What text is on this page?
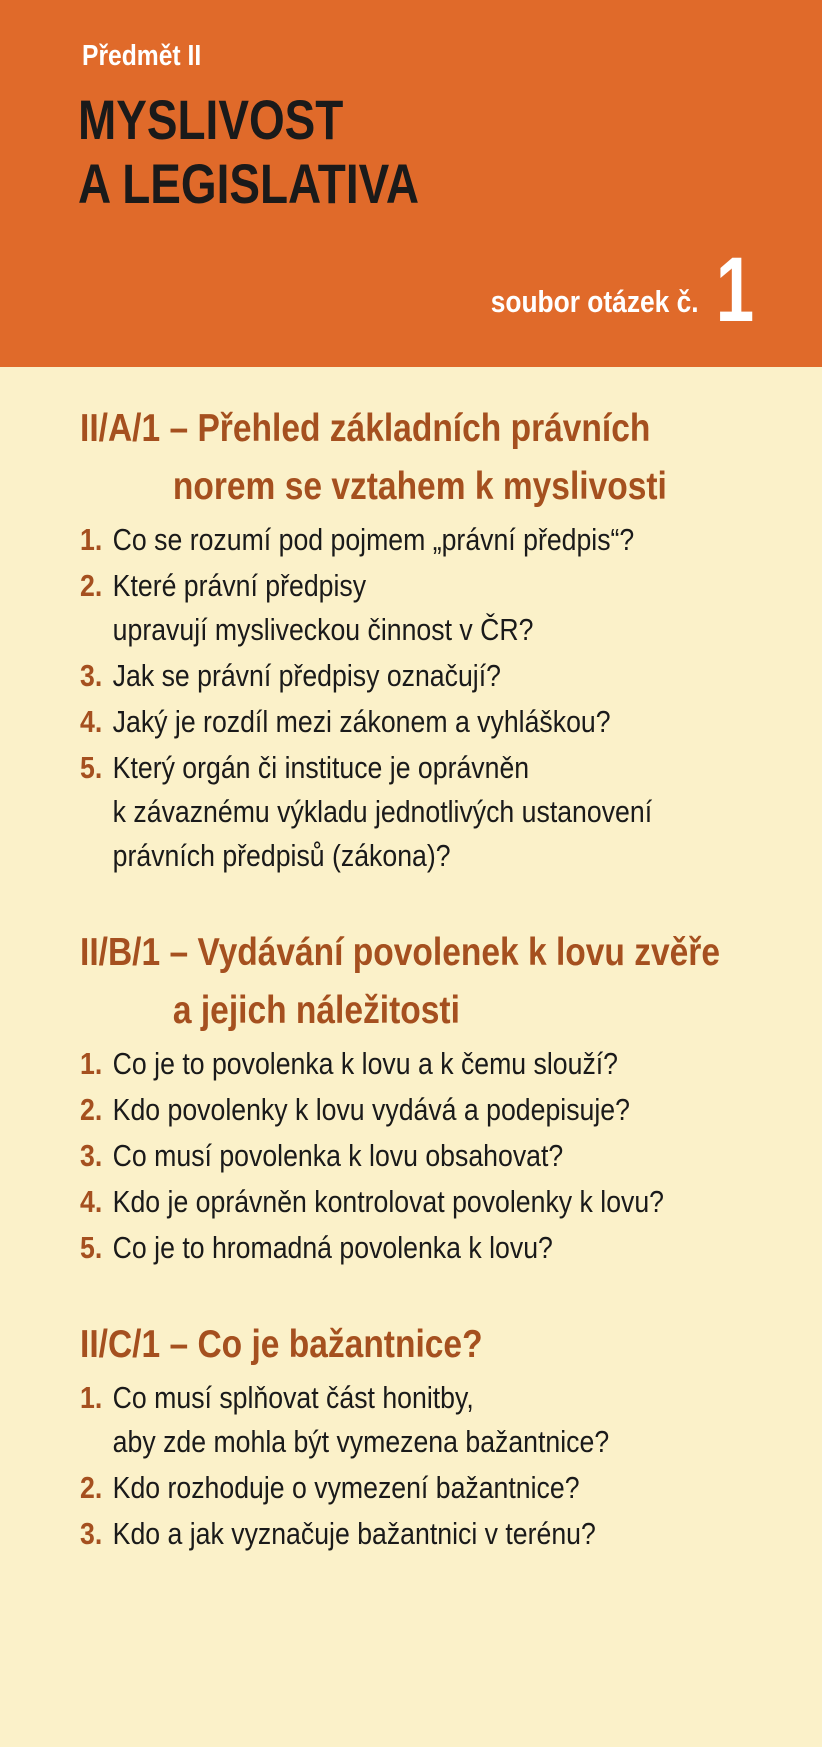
Předmět II
MYSLIVOST
A LEGISLATIVA
soubor otázek č. 1
II/A/1 – Přehled základních právních
norem se vztahem k myslivosti
1. Co se rozumí pod pojmem „právní předpis“?
2. Které právní předpisy
upravují mysliveckou činnost v ČR?
3. Jak se právní předpisy označují?
4. Jaký je rozdíl mezi zákonem a vyhláškou?
5. Který orgán či instituce je oprávněn
k závaznému výkladu jednotlivých ustanovení
právních předpisů (zákona)?
II/B/1 – Vydávání povolenek k lovu zvěře
a jejich náležitosti
1. Co je to povolenka k lovu a k čemu slouží?
2. Kdo povolenky k lovu vydává a podepisuje?
3. Co musí povolenka k lovu obsahovat?
4. Kdo je oprávněn kontrolovat povolenky k lovu?
5. Co je to hromadná povolenka k lovu?
II/C/1 – Co je bažantnice?
1. Co musí splňovat část honitby,
aby zde mohla být vymezena bažantnice?
2. Kdo rozhoduje o vymezení bažantnice?
3. Kdo a jak vyznačuje bažantnici v terénu?
